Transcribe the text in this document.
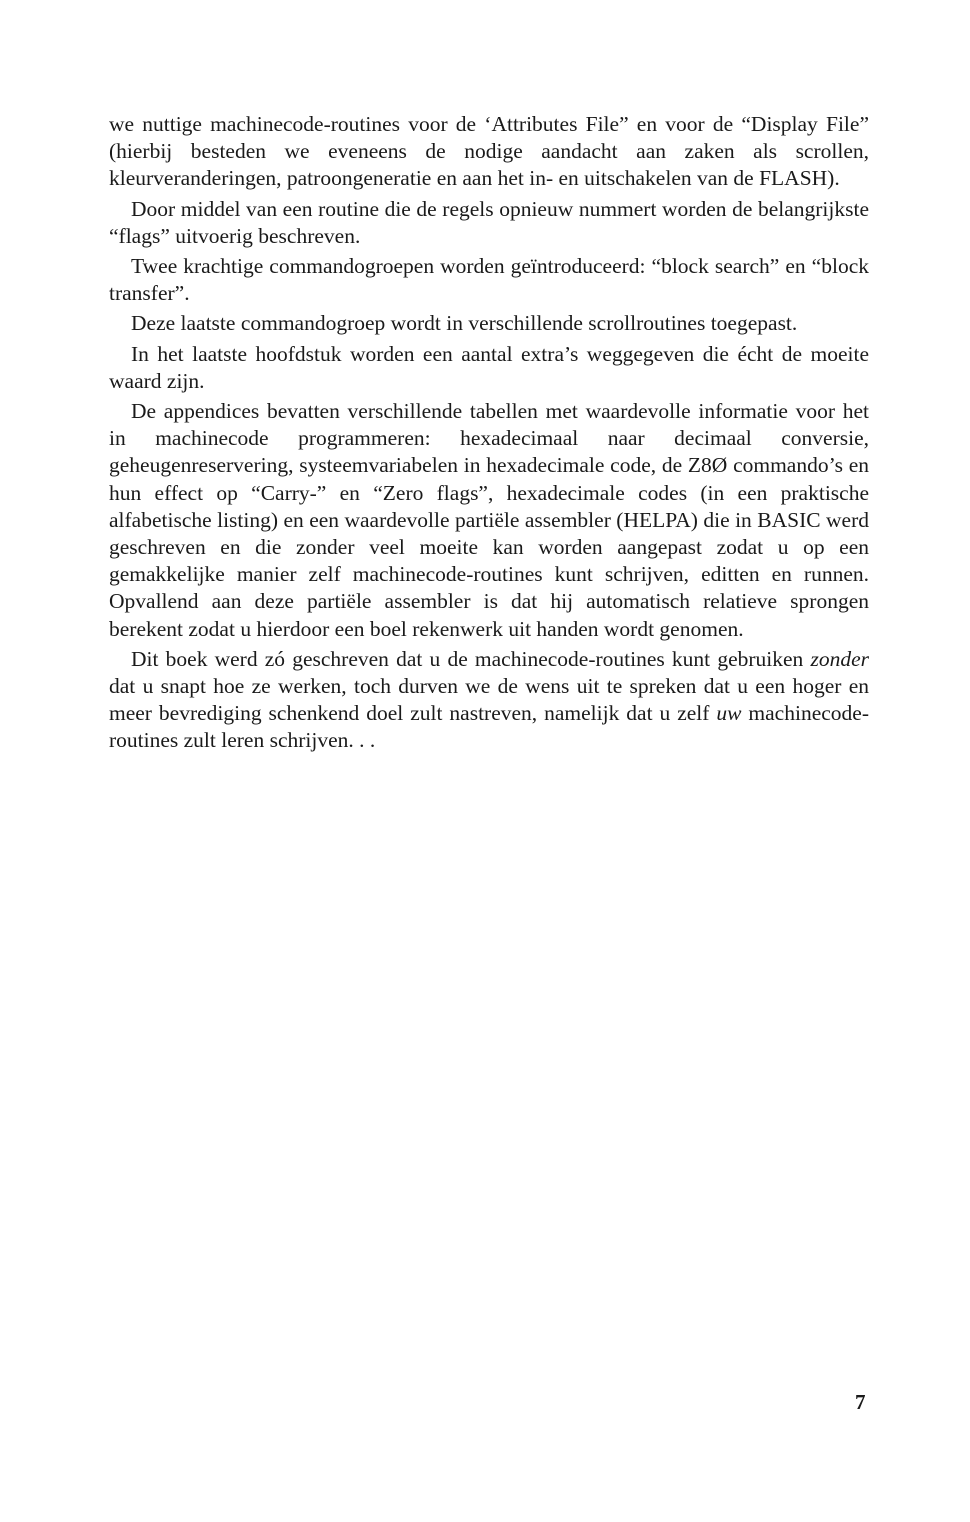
we nuttige machinecode-routines voor de ‘Attributes File” en voor de “Display File” (hierbij besteden we eveneens de nodige aandacht aan zaken als scrollen, kleurveranderingen, patroongeneratie en aan het in- en uitschakelen van de FLASH).

Door middel van een routine die de regels opnieuw nummert worden de belangrijkste “flags” uitvoerig beschreven.

Twee krachtige commandogroepen worden geïntroduceerd: “block search” en “block transfer”.

Deze laatste commandogroep wordt in verschillende scrollroutines toegepast.

In het laatste hoofdstuk worden een aantal extra’s weggegeven die écht de moeite waard zijn.

De appendices bevatten verschillende tabellen met waardevolle informatie voor het in machinecode programmeren: hexadecimaal naar decimaal conversie, geheugenreservering, systeemvariabelen in hexadecimale code, de Z8Ø commando’s en hun effect op “Carry-” en “Zero flags”, hexadecimale codes (in een praktische alfabetische listing) en een waardevolle partiële assembler (HELPA) die in BASIC werd geschreven en die zonder veel moeite kan worden aangepast zodat u op een gemakkelijke manier zelf machinecode-routines kunt schrijven, editten en runnen. Opvallend aan deze partiële assembler is dat hij automatisch relatieve sprongen berekent zodat u hierdoor een boel rekenwerk uit handen wordt genomen.

Dit boek werd zó geschreven dat u de machinecode-routines kunt gebruiken zonder dat u snapt hoe ze werken, toch durven we de wens uit te spreken dat u een hoger en meer bevrediging schenkend doel zult nastreven, namelijk dat u zelf uw machinecode-routines zult leren schrijven. . .

7
